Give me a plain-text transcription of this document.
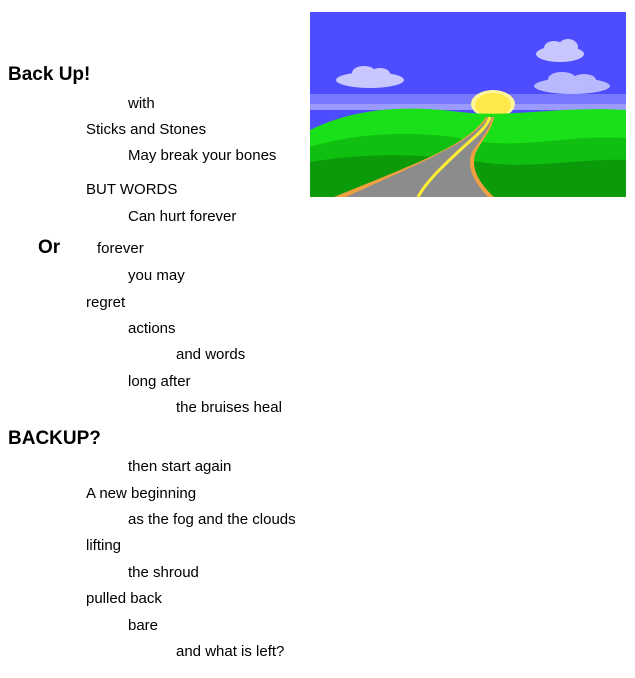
Back Up!
Or
BACKUP?
with
Sticks and Stones
May break your bones
BUT WORDS
Can hurt forever
forever
you may
regret
actions
and words
long after
the bruises heal
then start again
A new beginning
as the fog and the clouds
lifting
the shroud
pulled back
bare
and what is left?
